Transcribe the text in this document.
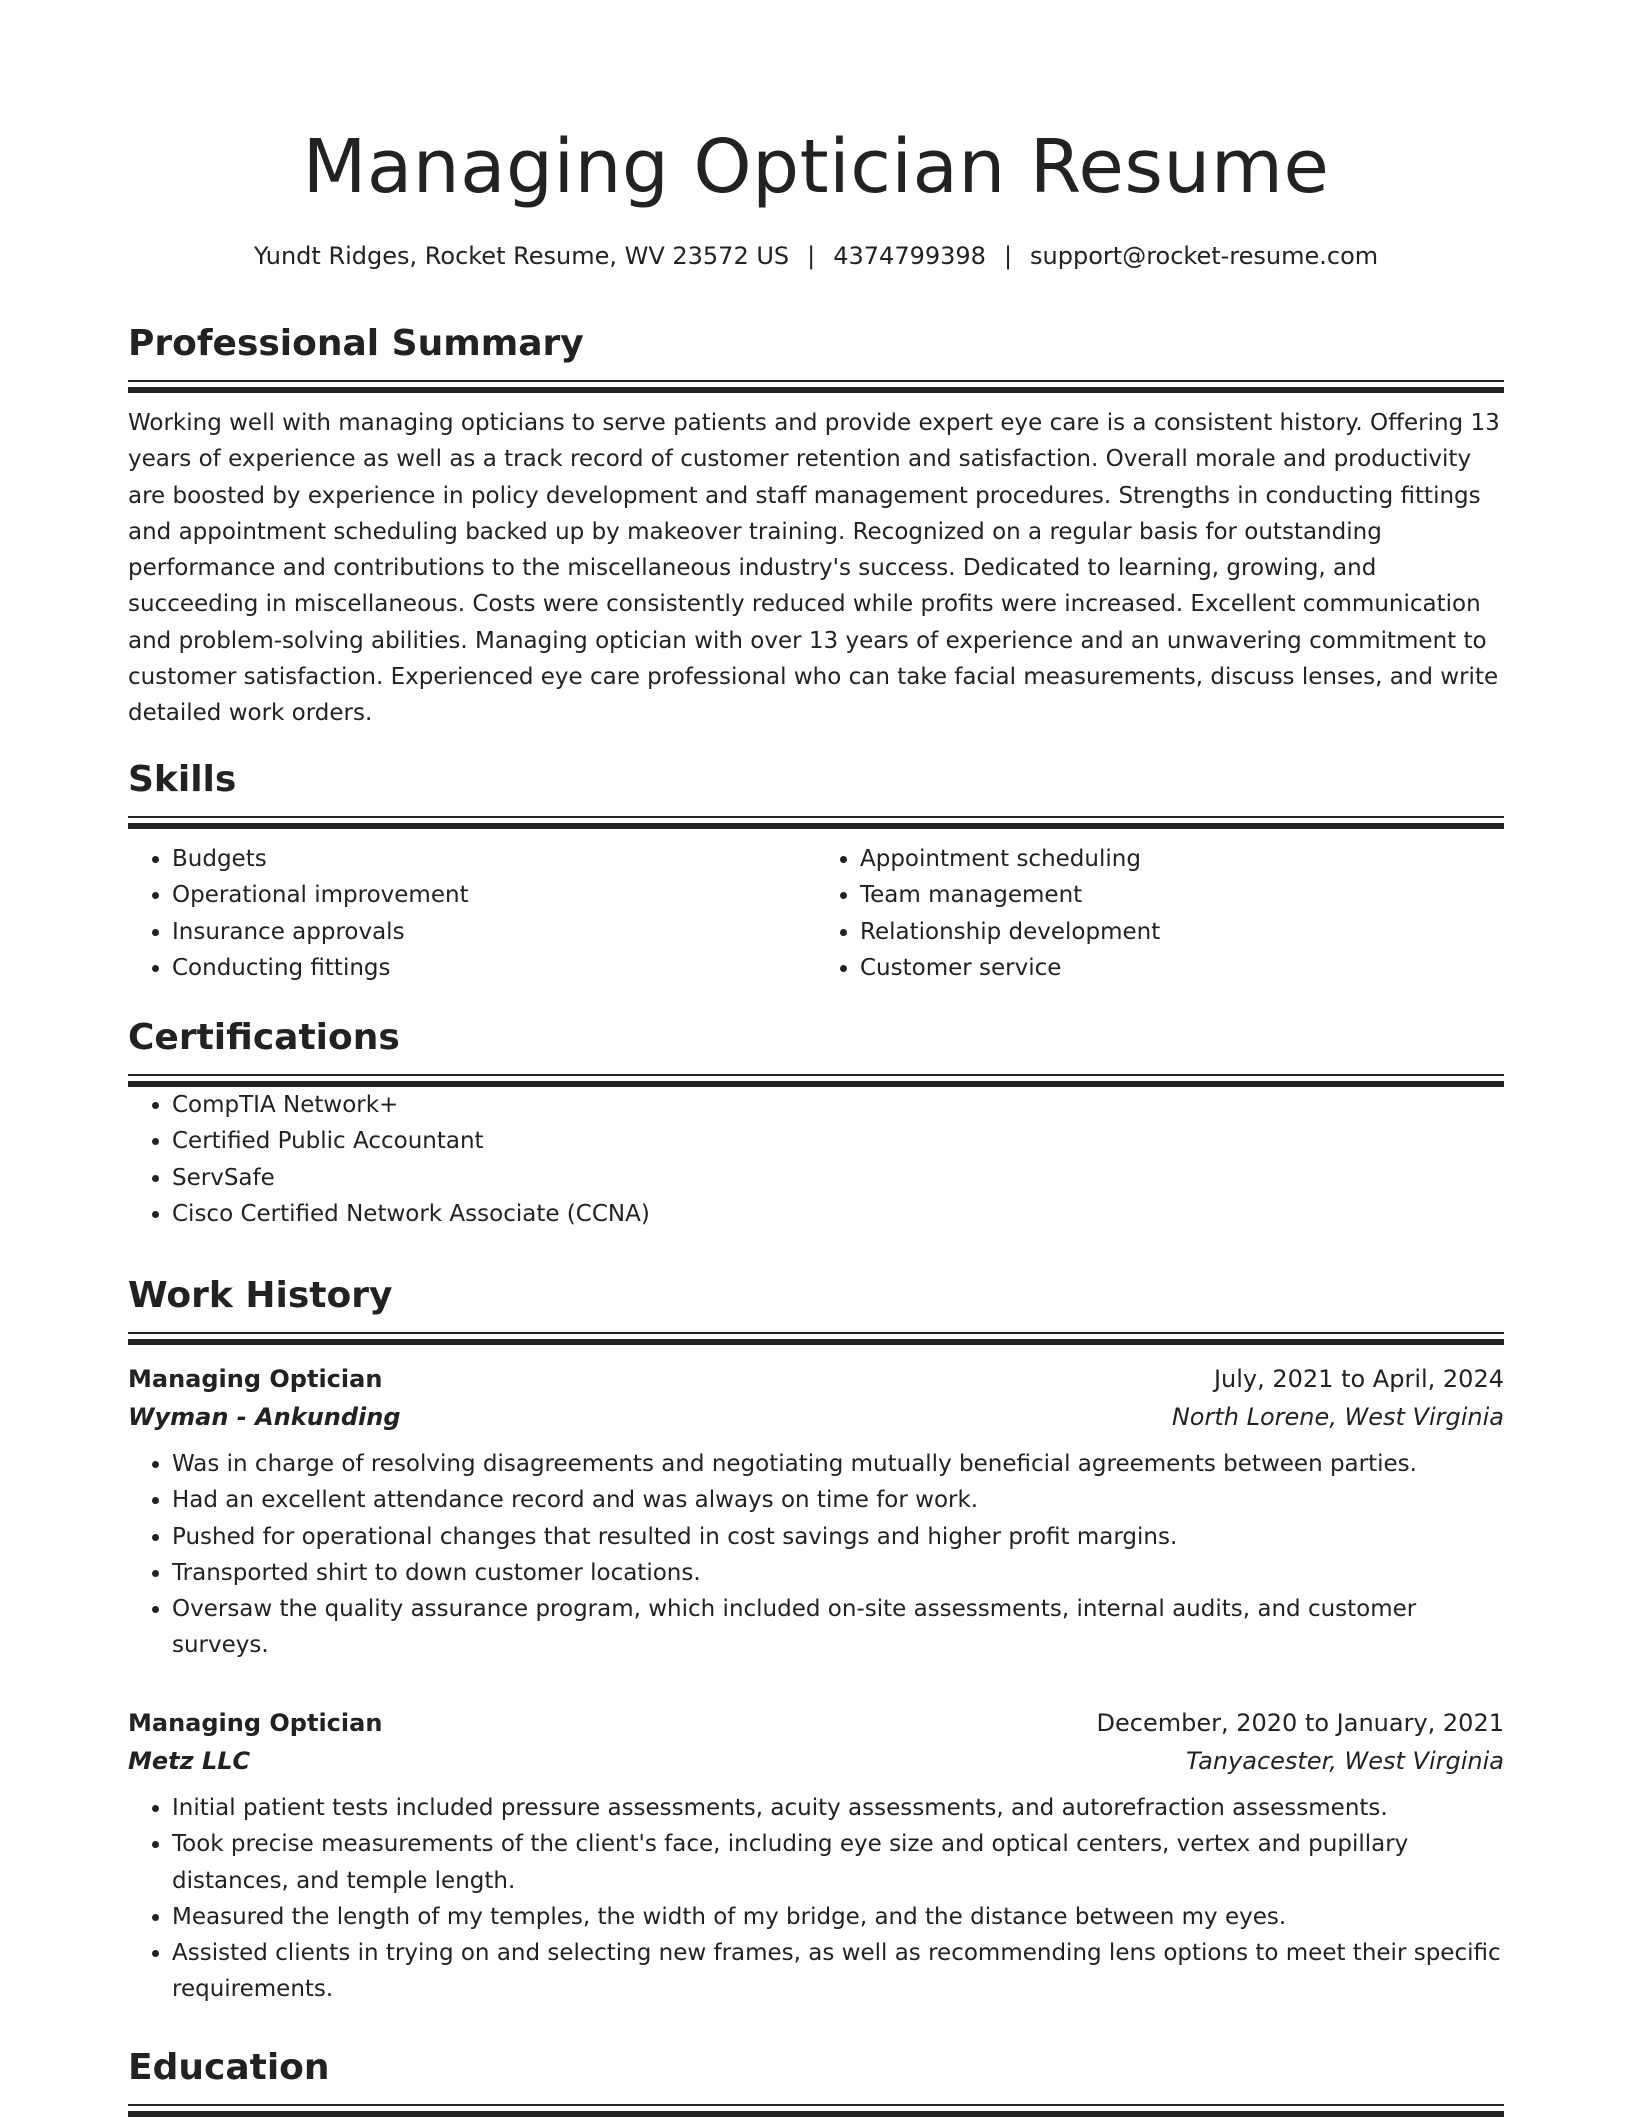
Managing Optician Resume
Yundt Ridges, Rocket Resume, WV 23572 US | 4374799398 | support@rocket-resume.com
Professional Summary
Working well with managing opticians to serve patients and provide expert eye care is a consistent history. Offering 13 years of experience as well as a track record of customer retention and satisfaction. Overall morale and productivity are boosted by experience in policy development and staff management procedures. Strengths in conducting fittings and appointment scheduling backed up by makeover training. Recognized on a regular basis for outstanding performance and contributions to the miscellaneous industry's success. Dedicated to learning, growing, and succeeding in miscellaneous. Costs were consistently reduced while profits were increased. Excellent communication and problem-solving abilities. Managing optician with over 13 years of experience and an unwavering commitment to customer satisfaction. Experienced eye care professional who can take facial measurements, discuss lenses, and write detailed work orders.
Skills
• Budgets
• Operational improvement
• Insurance approvals
• Conducting fittings
• Appointment scheduling
• Team management
• Relationship development
• Customer service
Certifications
• CompTIA Network+
• Certified Public Accountant
• ServSafe
• Cisco Certified Network Associate (CCNA)
Work History
Managing Optician	July, 2021 to April, 2024
Wyman - Ankunding	North Lorene, West Virginia
• Was in charge of resolving disagreements and negotiating mutually beneficial agreements between parties.
• Had an excellent attendance record and was always on time for work.
• Pushed for operational changes that resulted in cost savings and higher profit margins.
• Transported shirt to down customer locations.
• Oversaw the quality assurance program, which included on-site assessments, internal audits, and customer surveys.
Managing Optician	December, 2020 to January, 2021
Metz LLC	Tanyacester, West Virginia
• Initial patient tests included pressure assessments, acuity assessments, and autorefraction assessments.
• Took precise measurements of the client's face, including eye size and optical centers, vertex and pupillary distances, and temple length.
• Measured the length of my temples, the width of my bridge, and the distance between my eyes.
• Assisted clients in trying on and selecting new frames, as well as recommending lens options to meet their specific requirements.
Education
